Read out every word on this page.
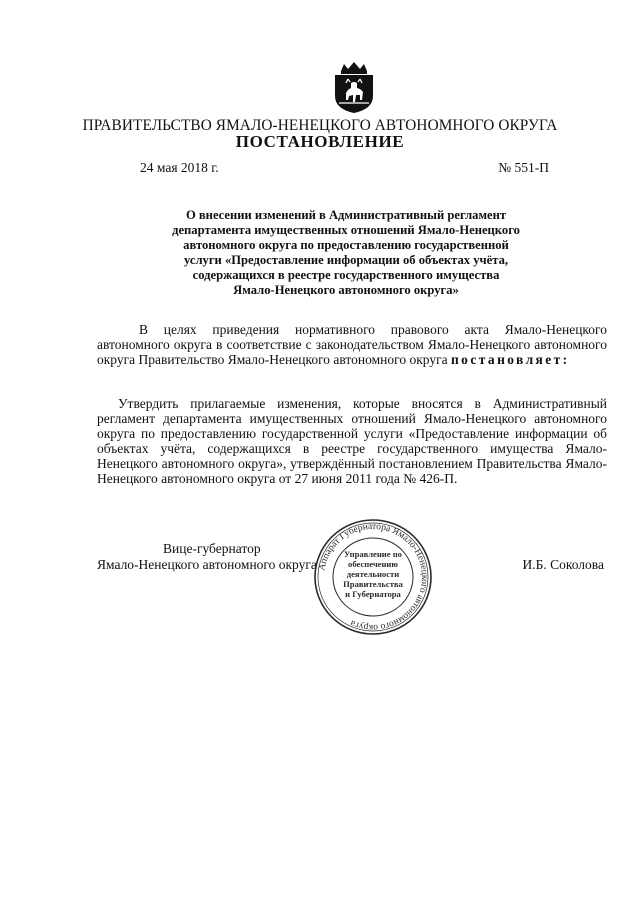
ПРАВИТЕЛЬСТВО ЯМАЛО-НЕНЕЦКОГО АВТОНОМНОГО ОКРУГА
ПОСТАНОВЛЕНИЕ
24 мая 2018 г.	№ 551-П
О внесении изменений в Административный регламент
департамента имущественных отношений Ямало-Ненецкого
автономного округа по предоставлению государственной
услуги «Предоставление информации об объектах учёта,
содержащихся в реестре государственного имущества
Ямало-Ненецкого автономного округа»
В целях приведения нормативного правового акта Ямало-Ненецкого автономного округа в соответствие с законодательством Ямало-Ненецкого автономного округа Правительство Ямало-Ненецкого автономного округа постановляет:
Утвердить прилагаемые изменения, которые вносятся в Административный регламент департамента имущественных отношений Ямало-Ненецкого автономного округа по предоставлению государственной услуги «Предоставление информации об объектах учёта, содержащихся в реестре государственного имущества Ямало-Ненецкого автономного округа», утверждённый постановлением Правительства Ямало-Ненецкого автономного округа от 27 июня 2011 года № 426-П.
Вице-губернатор
Ямало-Ненецкого автономного округа	И.Б. Соколова
Аппарат Губернатора Ямало-Ненецкого автономного округа
Управление по
обеспечению
деятельности
Правительства
и Губернатора
